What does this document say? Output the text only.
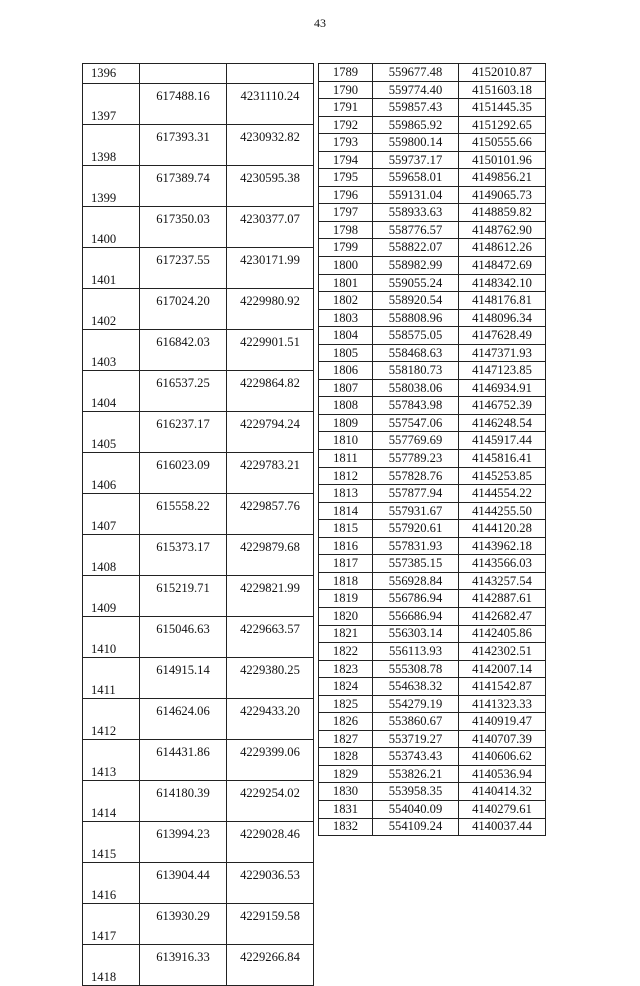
43
1396		
1397	617488.16	4231110.24
1398	617393.31	4230932.82
1399	617389.74	4230595.38
1400	617350.03	4230377.07
1401	617237.55	4230171.99
1402	617024.20	4229980.92
1403	616842.03	4229901.51
1404	616537.25	4229864.82
1405	616237.17	4229794.24
1406	616023.09	4229783.21
1407	615558.22	4229857.76
1408	615373.17	4229879.68
1409	615219.71	4229821.99
1410	615046.63	4229663.57
1411	614915.14	4229380.25
1412	614624.06	4229433.20
1413	614431.86	4229399.06
1414	614180.39	4229254.02
1415	613994.23	4229028.46
1416	613904.44	4229036.53
1417	613930.29	4229159.58
1418	613916.33	4229266.84
1789	559677.48	4152010.87
1790	559774.40	4151603.18
1791	559857.43	4151445.35
1792	559865.92	4151292.65
1793	559800.14	4150555.66
1794	559737.17	4150101.96
1795	559658.01	4149856.21
1796	559131.04	4149065.73
1797	558933.63	4148859.82
1798	558776.57	4148762.90
1799	558822.07	4148612.26
1800	558982.99	4148472.69
1801	559055.24	4148342.10
1802	558920.54	4148176.81
1803	558808.96	4148096.34
1804	558575.05	4147628.49
1805	558468.63	4147371.93
1806	558180.73	4147123.85
1807	558038.06	4146934.91
1808	557843.98	4146752.39
1809	557547.06	4146248.54
1810	557769.69	4145917.44
1811	557789.23	4145816.41
1812	557828.76	4145253.85
1813	557877.94	4144554.22
1814	557931.67	4144255.50
1815	557920.61	4144120.28
1816	557831.93	4143962.18
1817	557385.15	4143566.03
1818	556928.84	4143257.54
1819	556786.94	4142887.61
1820	556686.94	4142682.47
1821	556303.14	4142405.86
1822	556113.93	4142302.51
1823	555308.78	4142007.14
1824	554638.32	4141542.87
1825	554279.19	4141323.33
1826	553860.67	4140919.47
1827	553719.27	4140707.39
1828	553743.43	4140606.62
1829	553826.21	4140536.94
1830	553958.35	4140414.32
1831	554040.09	4140279.61
1832	554109.24	4140037.44
